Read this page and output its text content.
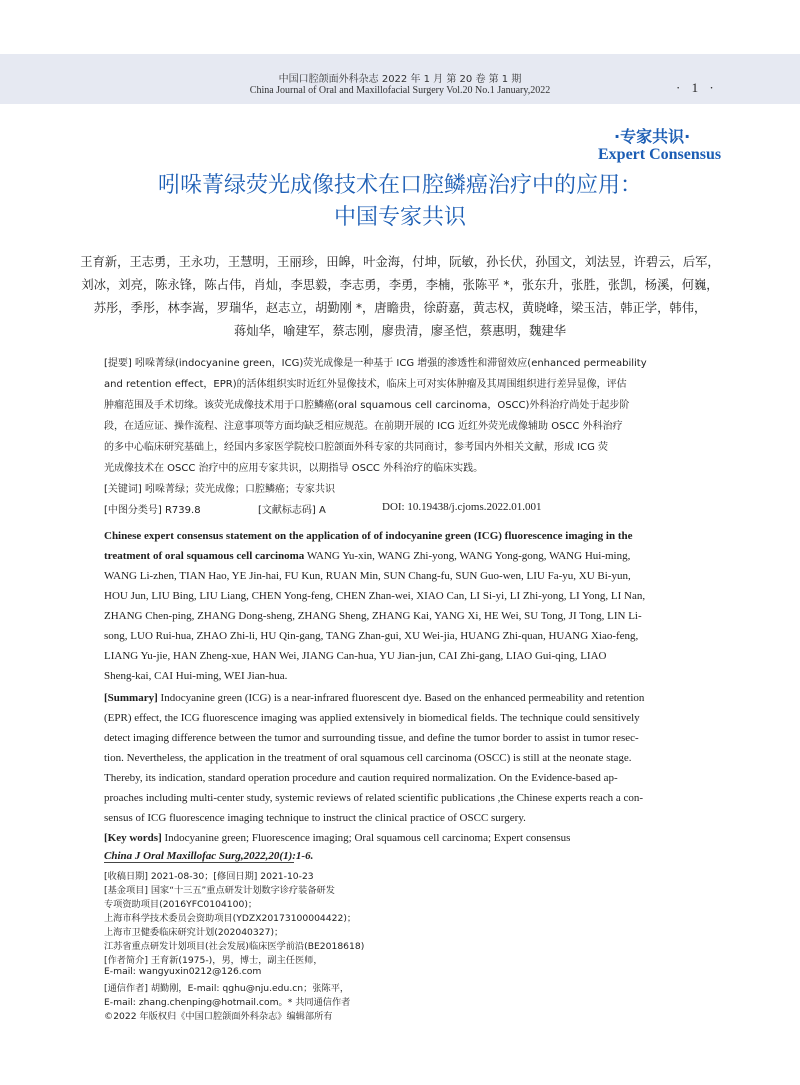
中国口腔颌面外科杂志 2022 年 1 月 第 20 卷 第 1 期
China Journal of Oral and Maxillofacial Surgery Vol.20 No.1 January,2022	· 1 ·
·专家共识·
Expert Consensus
吲哚菁绿荧光成像技术在口腔鳞癌治疗中的应用：
中国专家共识
王育新，王志勇，王永功，王慧明，王丽珍，田皞，叶金海，付坤，阮敏，孙长伏，孙国文，刘法昱，许碧云，后军，
刘冰，刘亮，陈永锋，陈占伟，肖灿，李思毅，李志勇，李勇，李楠，张陈平 *，张东升，张胜，张凯，杨溪，何巍，
苏彤，季彤，林李嵩，罗瑞华，赵志立，胡勤刚 *，唐瞻贵，徐蔚嘉，黄志权，黄晓峰，梁玉洁，韩正学，韩伟，
蒋灿华，喻建军，蔡志刚，廖贵清，廖圣恺，蔡惠明，魏建华
[提要] 吲哚菁绿(indocyanine green，ICG)荧光成像是一种基于 ICG 增强的渗透性和滞留效应(enhanced permeability
and retention effect，EPR)的活体组织实时近红外显像技术，临床上可对实体肿瘤及其周围组织进行差异显像，评估
肿瘤范围及手术切缘。该荧光成像技术用于口腔鳞癌(oral squamous cell carcinoma，OSCC)外科治疗尚处于起步阶
段，在适应证、操作流程、注意事项等方面均缺乏相应规范。在前期开展的 ICG 近红外荧光成像辅助 OSCC 外科治疗
的多中心临床研究基础上，经国内多家医学院校口腔颌面外科专家的共同商讨，参考国内外相关文献，形成 ICG 荧
光成像技术在 OSCC 治疗中的应用专家共识，以期指导 OSCC 外科治疗的临床实践。
[关键词] 吲哚菁绿；荧光成像；口腔鳞癌；专家共识
[中图分类号] R739.8	[文献标志码] A	DOI: 10.19438/j.cjoms.2022.01.001
Chinese expert consensus statement on the application of of indocyanine green (ICG) fluorescence imaging in the
treatment of oral squamous cell carcinoma WANG Yu-xin, WANG Zhi-yong, WANG Yong-gong, WANG Hui-ming,
WANG Li-zhen, TIAN Hao, YE Jin-hai, FU Kun, RUAN Min, SUN Chang-fu, SUN Guo-wen, LIU Fa-yu, XU Bi-yun,
HOU Jun, LIU Bing, LIU Liang, CHEN Yong-feng, CHEN Zhan-wei, XIAO Can, LI Si-yi, LI Zhi-yong, LI Yong, LI Nan,
ZHANG Chen-ping, ZHANG Dong-sheng, ZHANG Sheng, ZHANG Kai, YANG Xi, HE Wei, SU Tong, JI Tong, LIN Li-
song, LUO Rui-hua, ZHAO Zhi-li, HU Qin-gang, TANG Zhan-gui, XU Wei-jia, HUANG Zhi-quan, HUANG Xiao-feng,
LIANG Yu-jie, HAN Zheng-xue, HAN Wei, JIANG Can-hua, YU Jian-jun, CAI Zhi-gang, LIAO Gui-qing, LIAO
Sheng-kai, CAI Hui-ming, WEI Jian-hua.
[Summary] Indocyanine green (ICG) is a near-infrared fluorescent dye. Based on the enhanced permeability and retention
(EPR) effect, the ICG fluorescence imaging was applied extensively in biomedical fields. The technique could sensitively
detect imaging difference between the tumor and surrounding tissue, and define the tumor border to assist in tumor resec-
tion. Nevertheless, the application in the treatment of oral squamous cell carcinoma (OSCC) is still at the neonate stage.
Thereby, its indication, standard operation procedure and caution required normalization. On the Evidence-based ap-
proaches including multi-center study, systemic reviews of related scientific publications ,the Chinese experts reach a con-
sensus of ICG fluorescence imaging technique to instruct the clinical practice of OSCC surgery.
[Key words] Indocyanine green; Fluorescence imaging; Oral squamous cell carcinoma; Expert consensus
China J Oral Maxillofac Surg,2022,20(1):1-6.
[收稿日期] 2021-08-30；[修回日期] 2021-10-23
[基金项目] 国家“十三五”重点研发计划数字诊疗装备研发
专项资助项目(2016YFC0104100)；
上海市科学技术委员会资助项目(YDZX20173100004422)；
上海市卫健委临床研究计划(202040327)；
江苏省重点研发计划项目(社会发展)临床医学前沿(BE2018618)
[作者简介] 王育新(1975-)，男，博士，副主任医师，
E-mail: wangyuxin0212@126.com
[通信作者] 胡勤刚，E-mail: qghu@nju.edu.cn；张陈平，
E-mail: zhang.chenping@hotmail.com。* 共同通信作者
©2022 年版权归《中国口腔颌面外科杂志》编辑部所有
